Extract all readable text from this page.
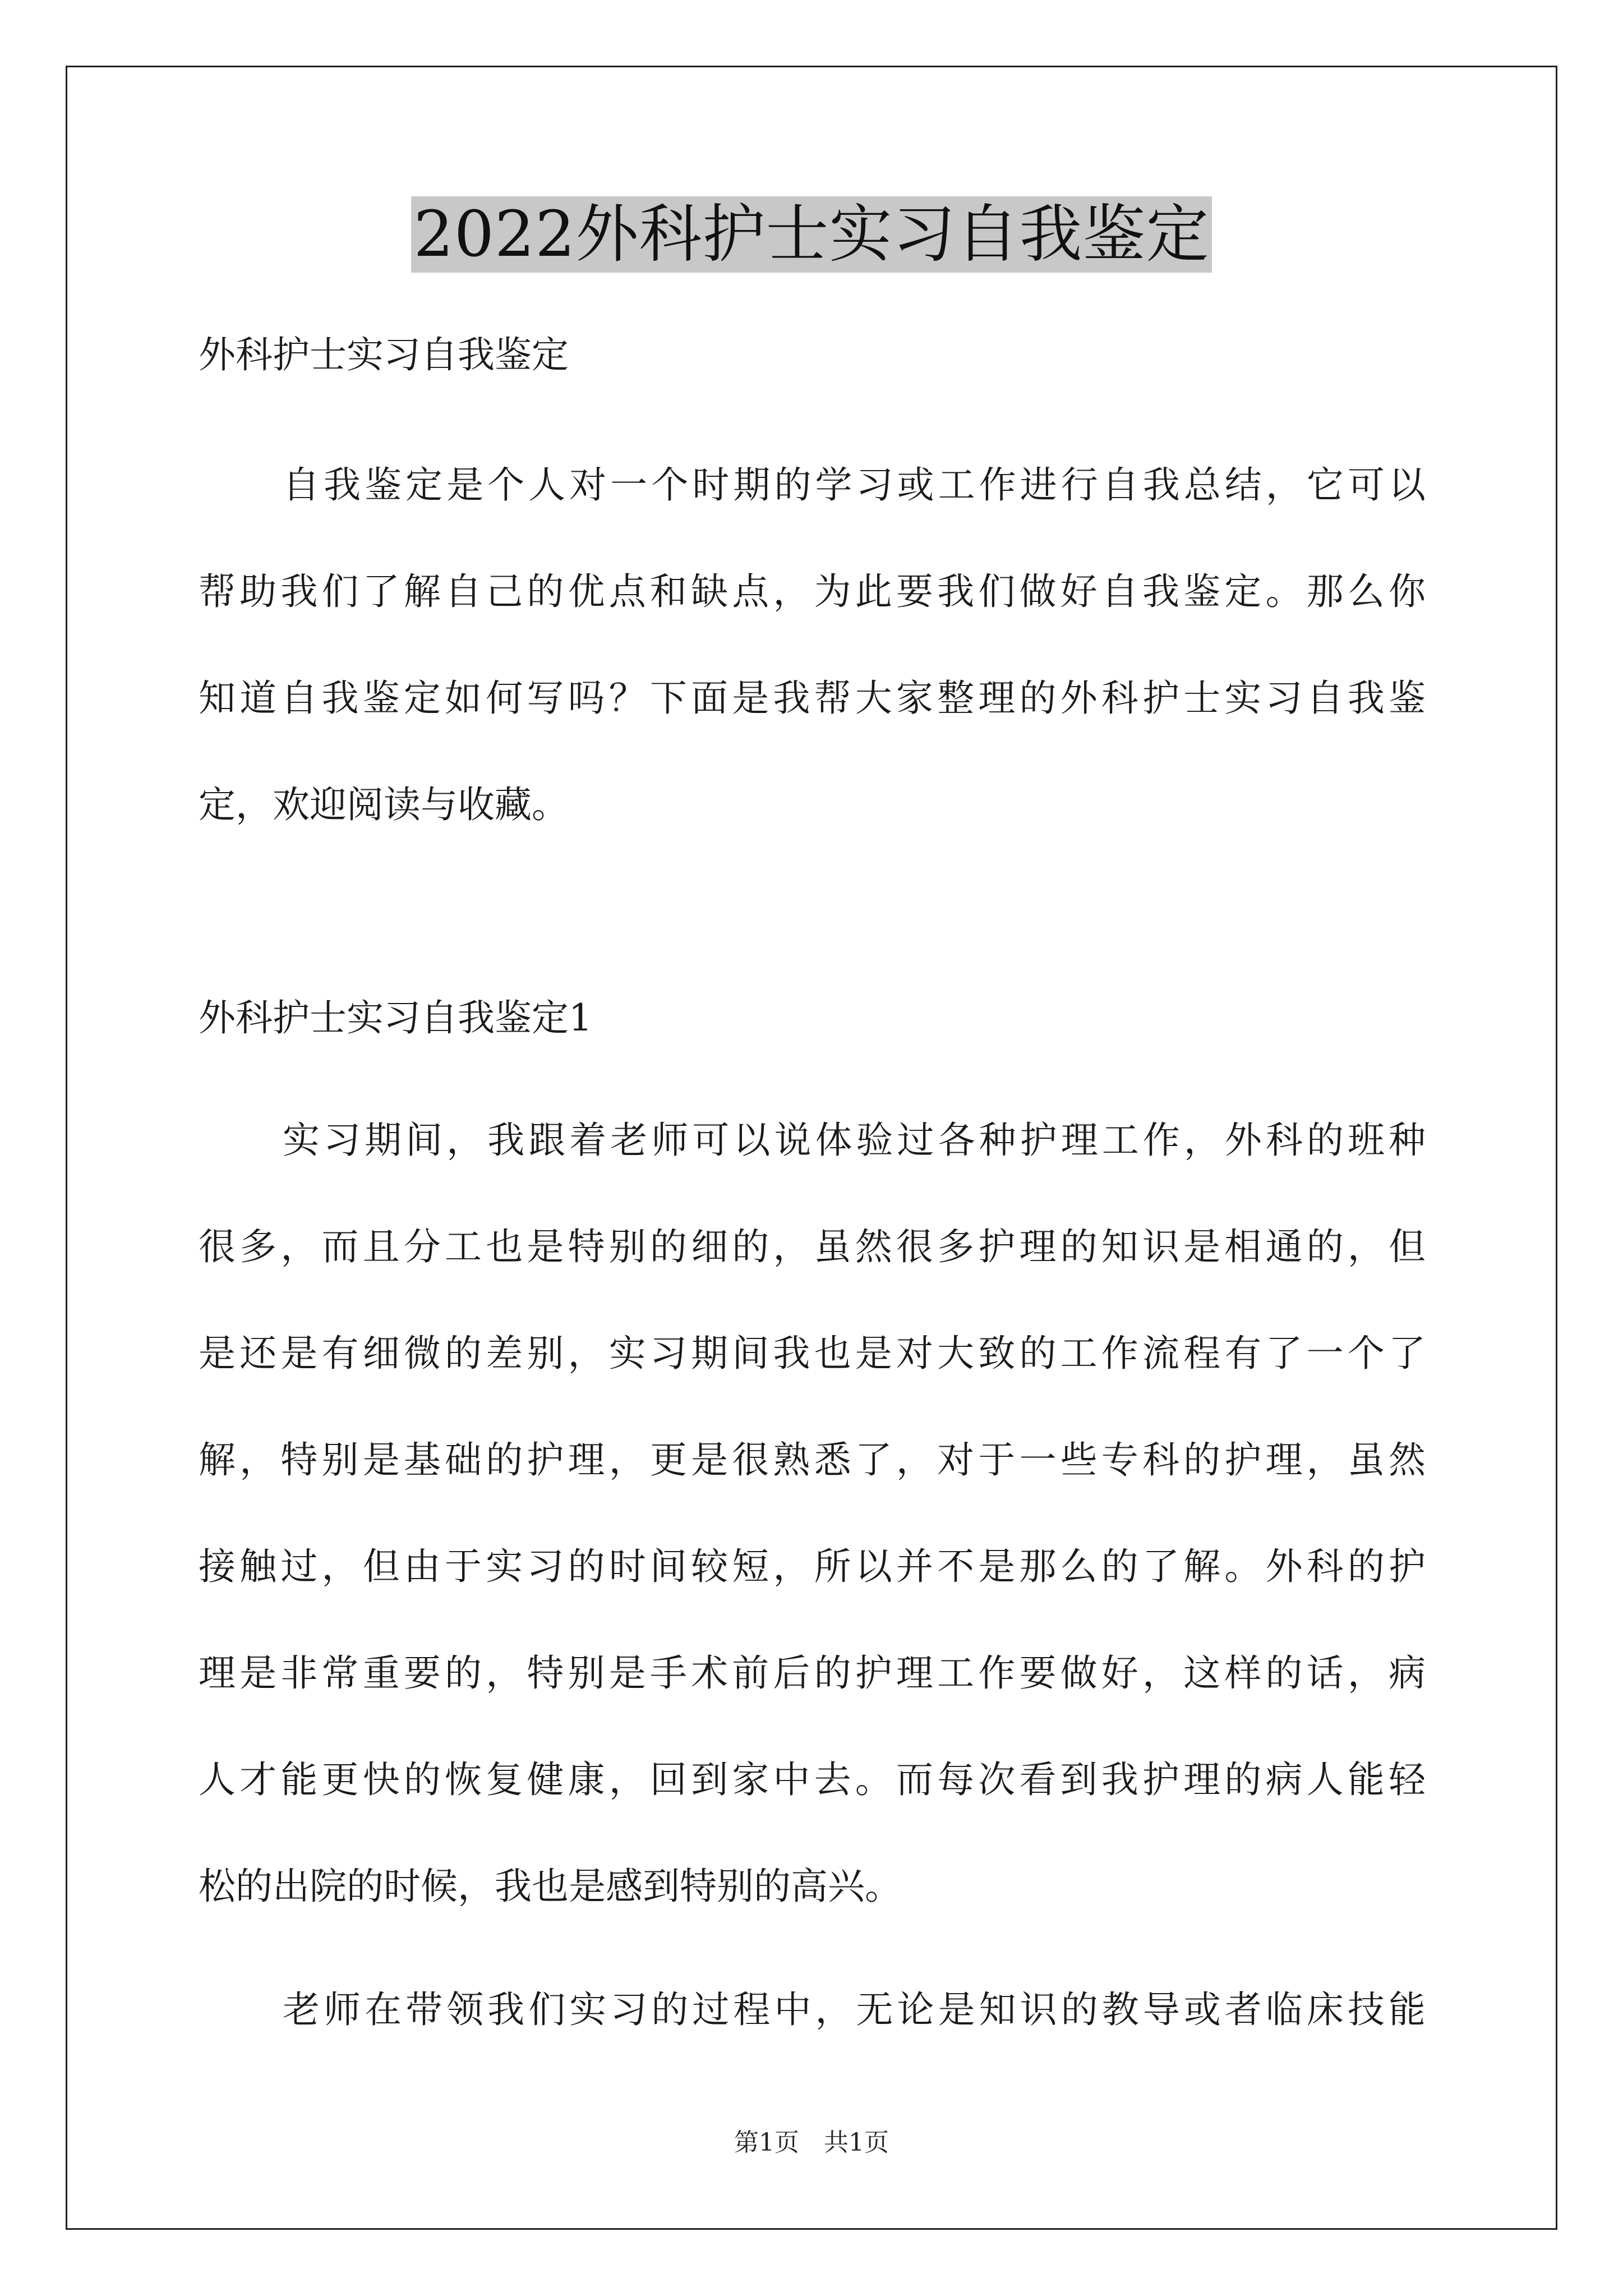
2022外科护士实习自我鉴定
外科护士实习自我鉴定
自我鉴定是个人对一个时期的学习或工作进行自我总结，它可以
帮助我们了解自己的优点和缺点，为此要我们做好自我鉴定。那么你
知道自我鉴定如何写吗？下面是我帮大家整理的外科护士实习自我鉴
定，欢迎阅读与收藏。
外科护士实习自我鉴定1
实习期间，我跟着老师可以说体验过各种护理工作，外科的班种
很多，而且分工也是特别的细的，虽然很多护理的知识是相通的，但
是还是有细微的差别，实习期间我也是对大致的工作流程有了一个了
解，特别是基础的护理，更是很熟悉了，对于一些专科的护理，虽然
接触过，但由于实习的时间较短，所以并不是那么的了解。外科的护
理是非常重要的，特别是手术前后的护理工作要做好，这样的话，病
人才能更快的恢复健康，回到家中去。而每次看到我护理的病人能轻
松的出院的时候，我也是感到特别的高兴。
老师在带领我们实习的过程中，无论是知识的教导或者临床技能
第1页　共1页
